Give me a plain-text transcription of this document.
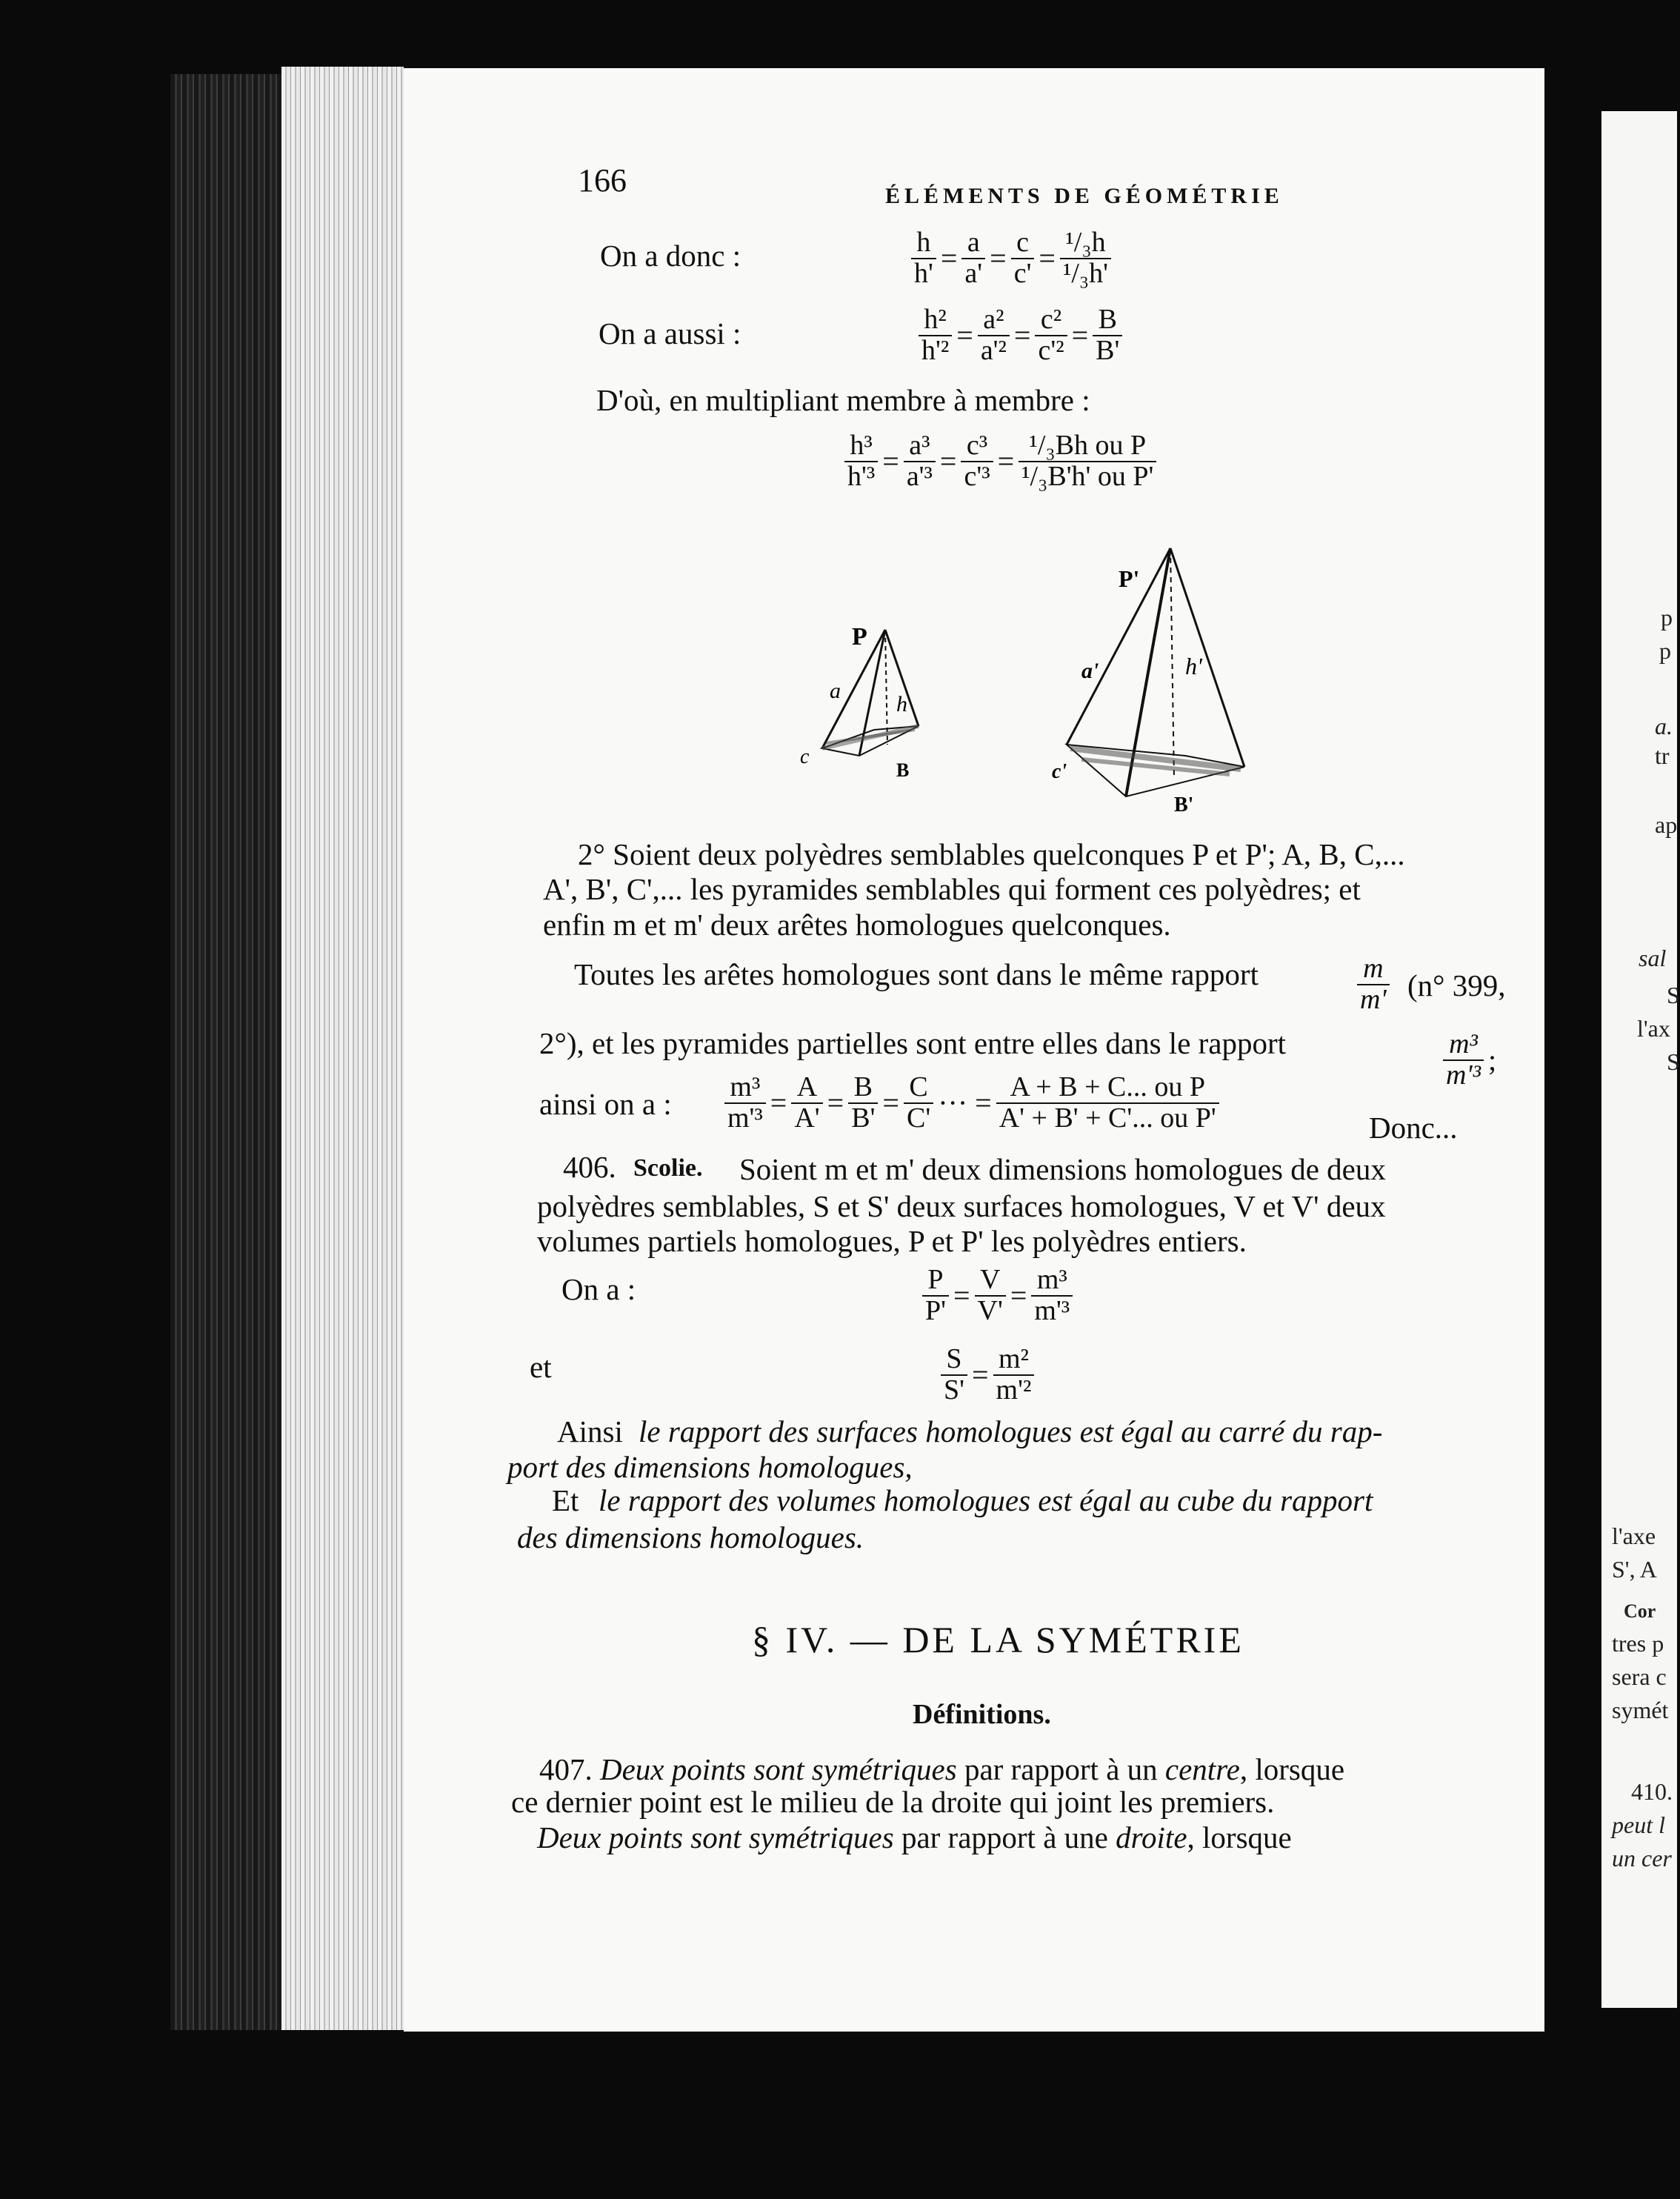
p
p
a.
tr
ap
sal
S
l'ax
S
l'axe
S', A
Cor
tres p
sera c
symét
410.
peut l
un cer
166	ÉLÉMENTS DE GÉOMÉTRIE
On a donc :	$\frac{h}{h'} = \frac{a}{a'} = \frac{c}{c'} = \frac{\text{¹/₃h}}{\text{¹/₃h'}}$
On a aussi :	$\frac{\text{h²}}{\text{h'²}} = \frac{\text{a²}}{\text{a'²}} = \frac{\text{c²}}{\text{c'²}} = \frac{B}{B'}$
D'où, en multipliant membre à membre :
$\frac{\text{h³}}{\text{h'³}} = \frac{\text{a³}}{\text{a'³}} = \frac{\text{c³}}{\text{c'³}} = \frac{\text{¹/₃Bh ou P}}{\text{¹/₃B'h' ou P'}}$
P
a
h
c
B
P'
a'	h'
c'
B'
2° Soient deux polyèdres semblables quelconques P et P'; A, B, C,...
A', B', C',... les pyramides semblables qui forment ces polyèdres; et
enfin m et m' deux arêtes homologues quelconques.
Toutes les arêtes homologues sont dans le même rapport	$\frac{m}{m'} (n^\circ$ 399,
2°), et les pyramides partielles sont entre elles dans le rapport	$\frac{\text{m³}}{\text{m'³}}$ ;
ainsi on a : $\frac{\text{m³}}{\text{m'³}} = \frac{A}{A'} = \frac{B}{B'} = \frac{C}{C'}$ ··· = $\frac{\text{A + B + C... ou P}}{\text{A' + B' + C'... ou P'}}$	Donc...
406. Scolie. Soient m et m' deux dimensions homologues de deux
polyèdres semblables, S et S' deux surfaces homologues, V et V' deux
volumes partiels homologues, P et P' les polyèdres entiers.
On a :	$\frac{P}{P'} = \frac{V}{V'} = \frac{\text{m³}}{\text{m'³}}$
et	$\frac{S}{S'} = \frac{\text{m²}}{\text{m'²}}$
Ainsi le rapport des surfaces homologues est égal au carré du rap-
port des dimensions homologues,
Et le rapport des volumes homologues est égal au cube du rapport
des dimensions homologues.
§ IV. — DE LA SYMÉTRIE
Définitions.
407. Deux points sont symétriques par rapport à un centre, lorsque
ce dernier point est le milieu de la droite qui joint les premiers.
Deux points sont symétriques par rapport à une droite, lorsque
